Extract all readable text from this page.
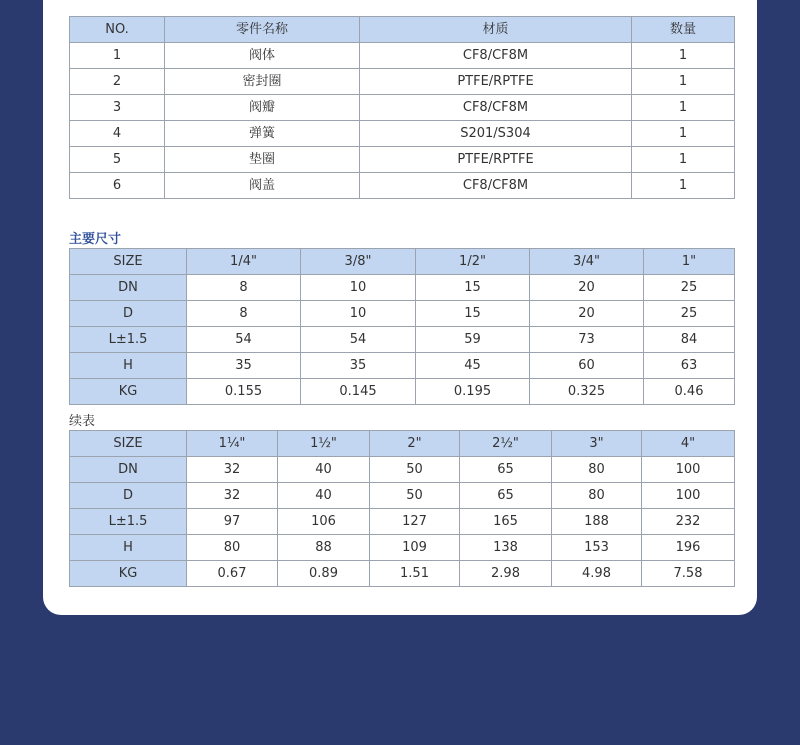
NO.	零件名称	材质	数量
1	阀体	CF8/CF8M	1
2	密封圈	PTFE/RPTFE	1
3	阀瓣	CF8/CF8M	1
4	弹簧	S201/S304	1
5	垫圈	PTFE/RPTFE	1
6	阀盖	CF8/CF8M	1
主要尺寸
SIZE	1/4"	3/8"	1/2"	3/4"	1"
DN	8	10	15	20	25
D	8	10	15	20	25
L±1.5	54	54	59	73	84
H	35	35	45	60	63
KG	0.155	0.145	0.195	0.325	0.46
续表
SIZE	1¼"	1½"	2"	2½"	3"	4"
DN	32	40	50	65	80	100
D	32	40	50	65	80	100
L±1.5	97	106	127	165	188	232
H	80	88	109	138	153	196
KG	0.67	0.89	1.51	2.98	4.98	7.58
